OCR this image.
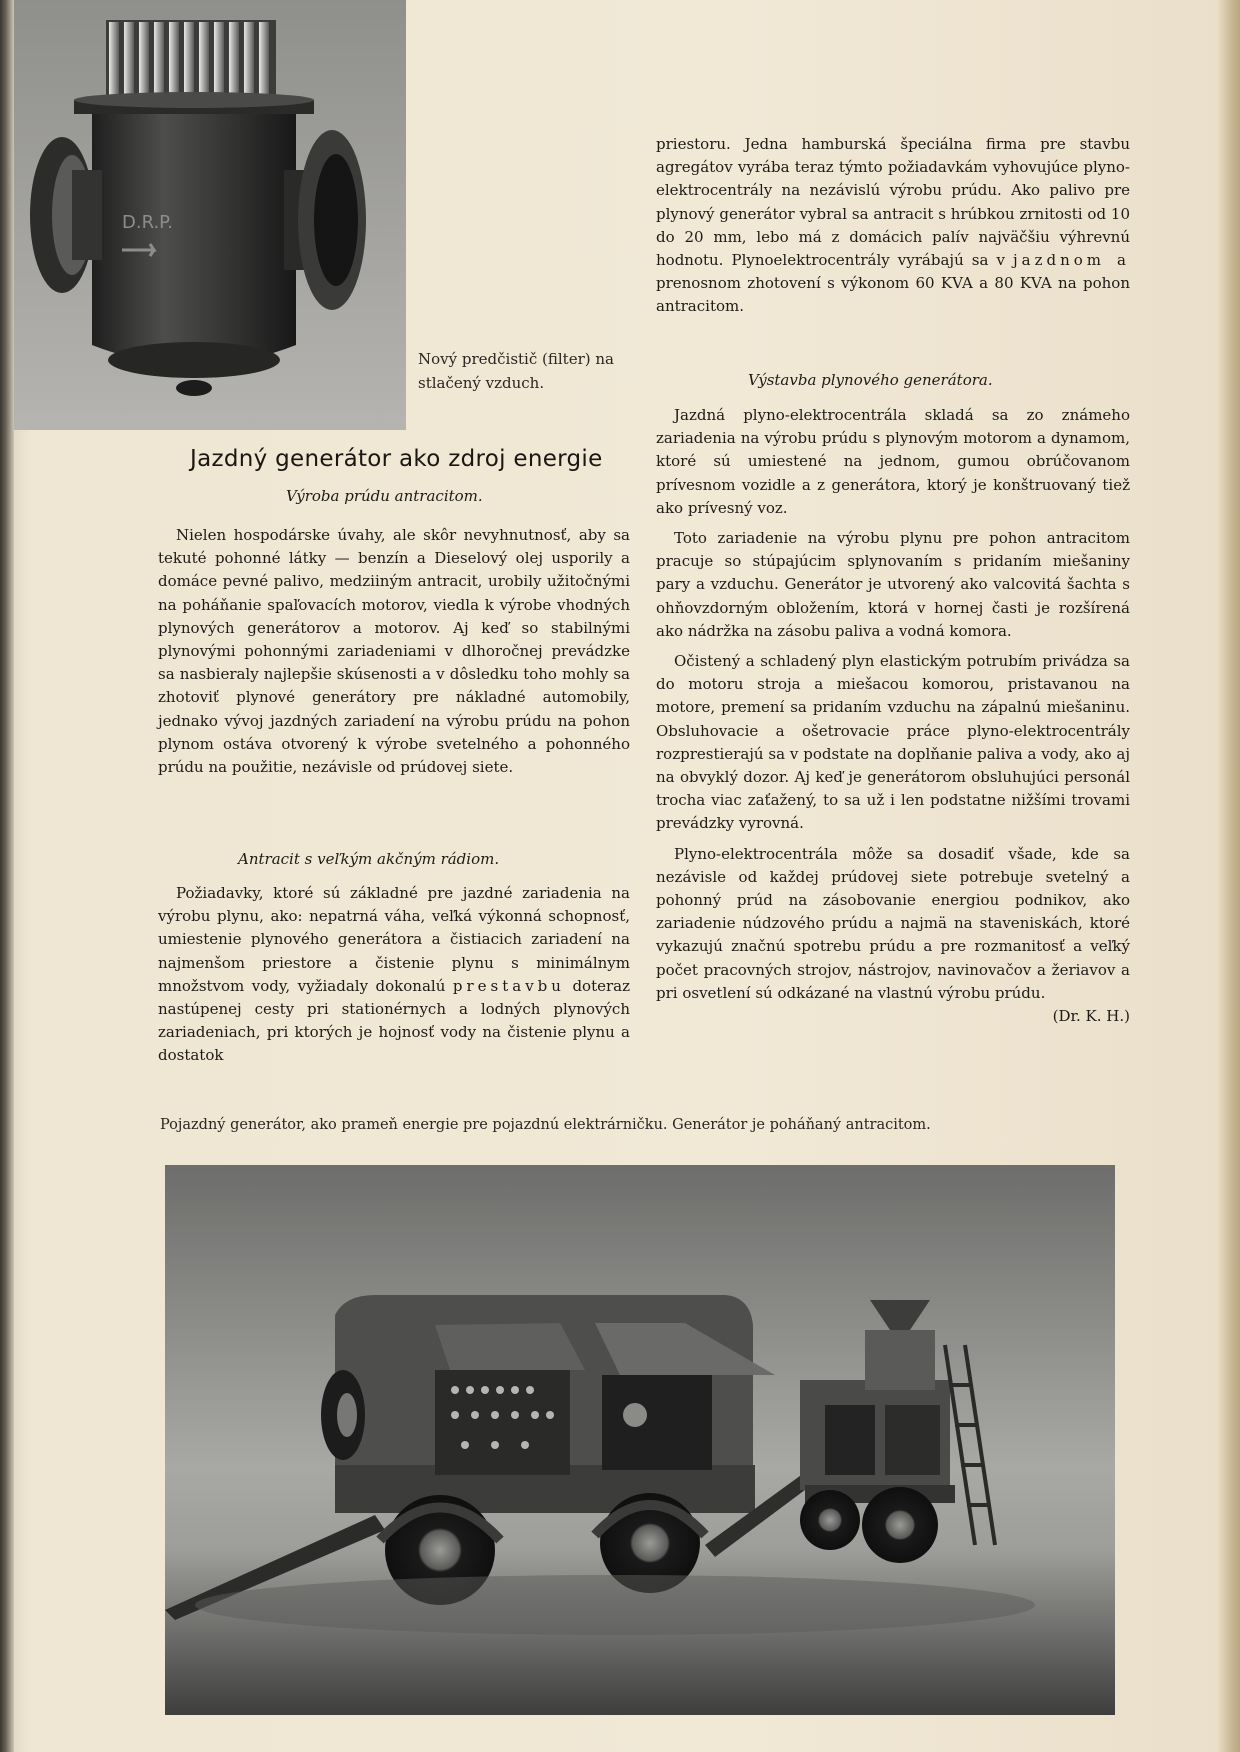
D.R.P.
Nový predčistič (filter) na stlačený vzduch.
Jazdný generátor ako zdroj energie
Výroba prúdu antracitom.

Nielen hospodárske úvahy, ale skôr nevyhnutnosť, aby sa tekuté pohonné látky — benzín a Dieselový olej usporily a domáce pevné palivo, medziiným antracit, urobily užitočnými na poháňanie spaľovacích motorov, viedla k výrobe vhodných plynových generátorov a motorov. Aj keď so stabilnými plynovými pohonnými zariadeniami v dlhoročnej prevádzke sa nasbieraly najlepšie skúsenosti a v dôsledku toho mohly sa zhotoviť plynové generátory pre nákladné automobily, jednako vývoj jazdných zariadení na výrobu prúdu na pohon plynom ostáva otvorený k výrobe svetelného a pohonného prúdu na použitie, nezávisle od prúdovej siete.

Antracit s veľkým akčným rádiom.

Požiadavky, ktoré sú základné pre jazdné zariadenia na výrobu plynu, ako: nepatrná váha, veľká výkonná schopnosť, umiestenie plynového generátora a čistiacich zariadení na najmenšom priestore a čistenie plynu s minimálnym množstvom vody, vyžiadaly dokonalú prestavbu doteraz nastúpenej cesty pri stationérnych a lodných plynových zariadeniach, pri ktorých je hojnosť vody na čistenie plynu a dostatok

priestoru. Jedna hamburská špeciálna firma pre stavbu agregátov vyrába teraz týmto požiadavkám vyhovujúce plyno-elektrocentrály na nezávislú výrobu prúdu. Ako palivo pre plynový generátor vybral sa antracit s hrúbkou zrnitosti od 10 do 20 mm, lebo má z domácich palív najväčšiu výhrevnú hodnotu. Plynoelektrocentrály vyrábajú sa v jazdnom a prenosnom zhotovení s výkonom 60 KVA a 80 KVA na pohon antracitom.

Výstavba plynového generátora.

Jazdná plyno-elektrocentrála skladá sa zo známeho zariadenia na výrobu prúdu s plynovým motorom a dynamom, ktoré sú umiestené na jednom, gumou obrúčovanom prívesnom vozidle a z generátora, ktorý je konštruovaný tiež ako prívesný voz.

Toto zariadenie na výrobu plynu pre pohon antracitom pracuje so stúpajúcim splynovaním s pridaním miešaniny pary a vzduchu. Generátor je utvorený ako valcovitá šachta s ohňovzdorným obložením, ktorá v hornej časti je rozšírená ako nádržka na zásobu paliva a vodná komora.

Očistený a schladený plyn elastickým potrubím privádza sa do motoru stroja a miešacou komorou, pristavanou na motore, premení sa pridaním vzduchu na zápalnú miešaninu. Obsluhovacie a ošetrovacie práce plyno-elektrocentrály rozprestierajú sa v podstate na doplňanie paliva a vody, ako aj na obvyklý dozor. Aj keď je generátorom obsluhujúci personál trocha viac zaťažený, to sa už i len podstatne nižšími trovami prevádzky vyrovná.

Plyno-elektrocentrála môže sa dosadiť všade, kde sa nezávisle od každej prúdovej siete potrebuje svetelný a pohonný prúd na zásobovanie energiou podnikov, ako zariadenie núdzového prúdu a najmä na staveniskách, ktoré vykazujú značnú spotrebu prúdu a pre rozmanitosť a veľký počet pracovných strojov, nástrojov, navinovačov a žeriavov a pri osvetlení sú odkázané na vlastnú výrobu prúdu.
(Dr. K. H.)

Pojazdný generátor, ako prameň energie pre pojazdnú elektrárničku. Generátor je poháňaný antracitom.
